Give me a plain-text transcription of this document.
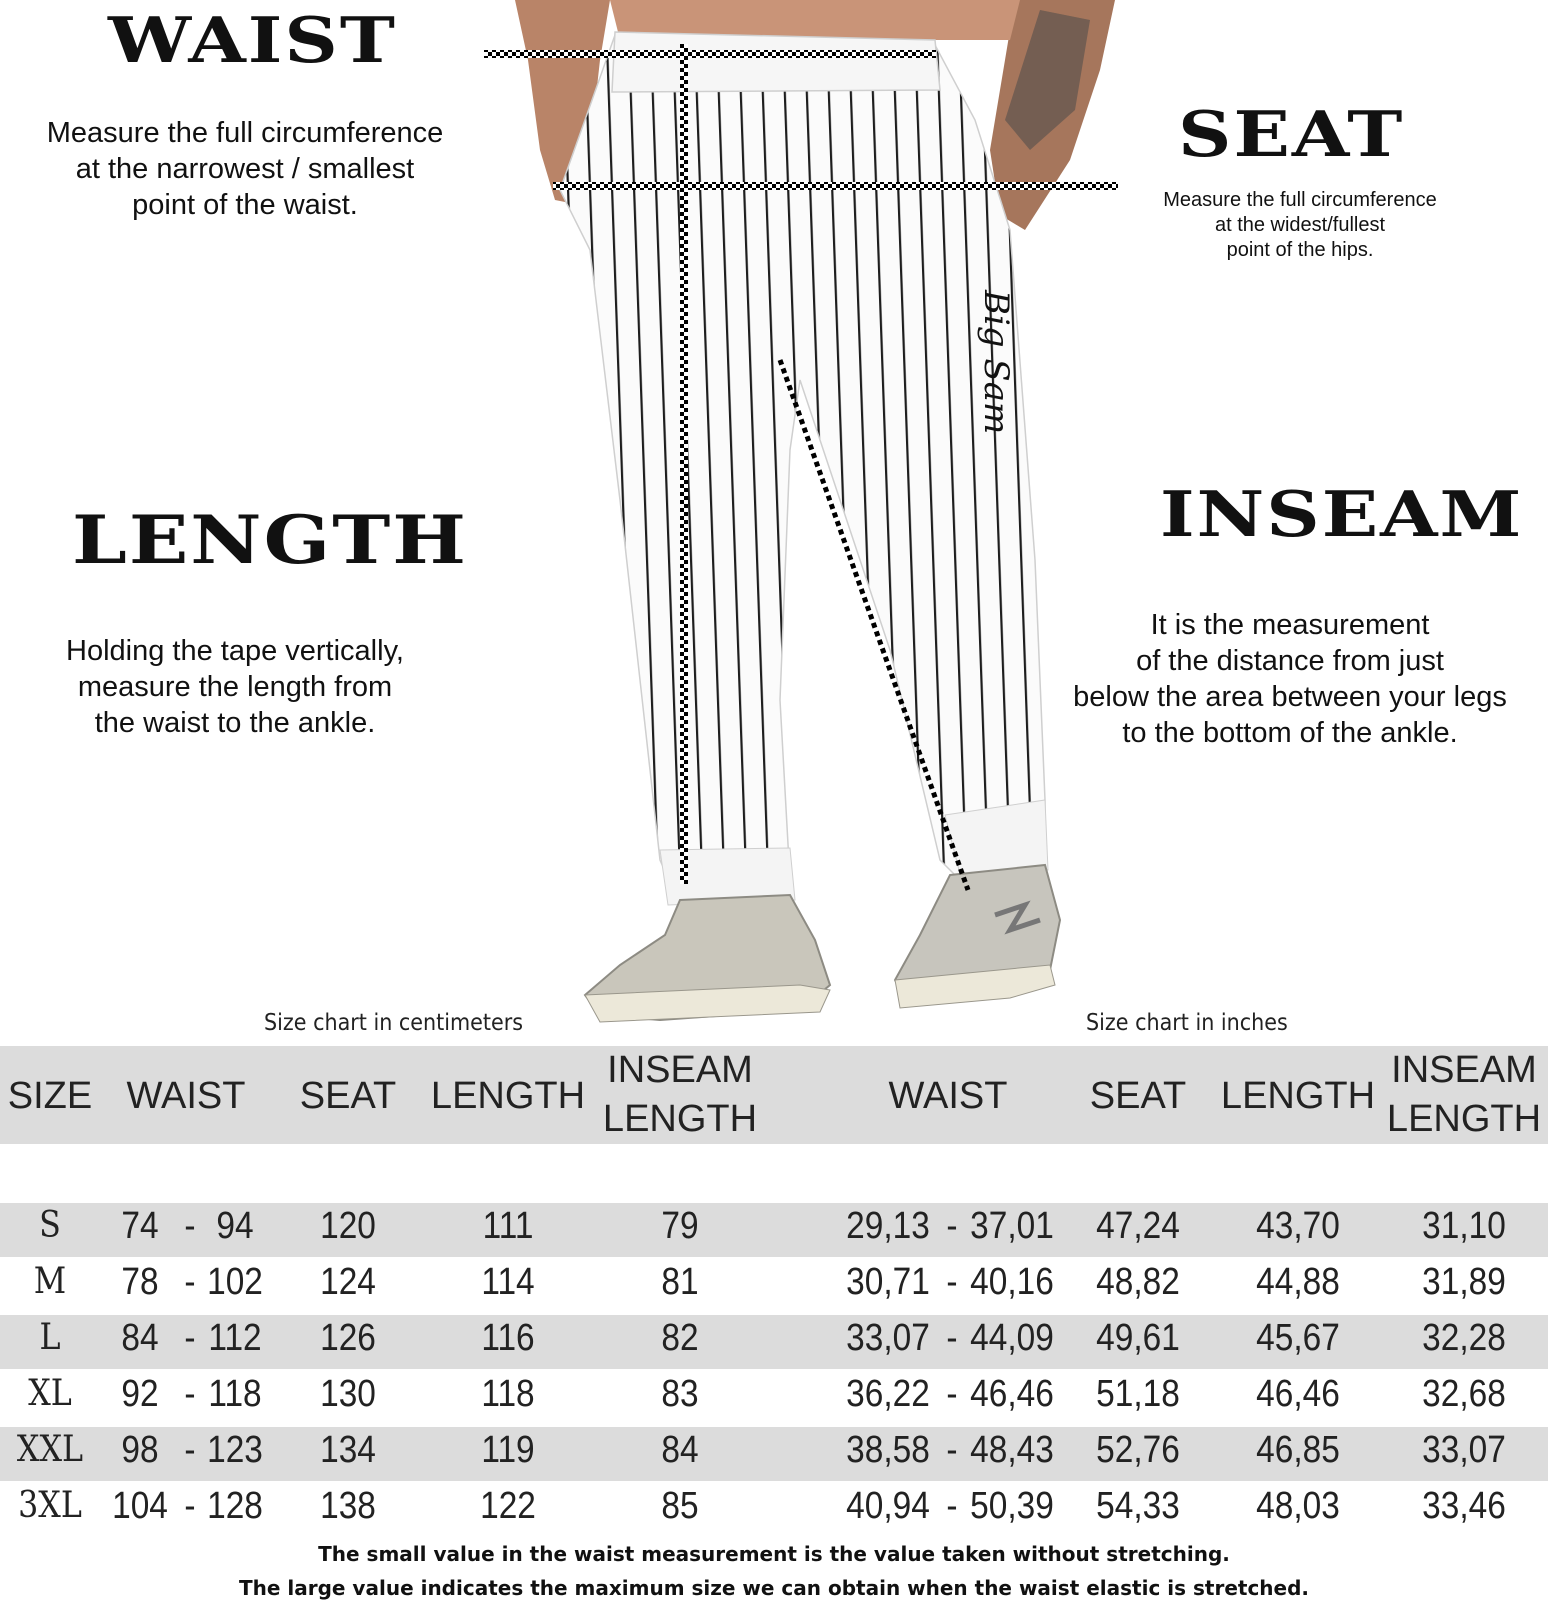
WAIST
Measure the full circumference
at the narrowest / smallest
point of the waist.
SEAT
Measure the full circumference
at the widest/fullest
point of the hips.
LENGTH
Holding the tape vertically,
measure the length from
the waist to the ankle.
INSEAM
It is the measurement
of the distance from just
below the area between your legs
to the bottom of the ankle.
Big Sam
Size chart in centimeters	Size chart in inches
SIZE WAIST SEAT LENGTH
INSEAM
LENGTH
WAIST SEAT LENGTH
INSEAM
LENGTH
S 74 - 94 120	111	79	29,13 - 37,01 47,24 43,70 31,10
M 78 - 102 124	114	81	30,71 - 40,16 48,82 44,88 31,89
L 84 - 112 126	116	82	33,07 - 44,09 49,61 45,67 32,28
XL 92 - 118 130	118	83	36,22 - 46,46 51,18 46,46 32,68
XXL 98 - 123 134	119	84	38,58 - 48,43 52,76 46,85 33,07
3XL 104 - 128 138	122	85	40,94 - 50,39 54,33 48,03 33,46
The small value in the waist measurement is the value taken without stretching.
The large value indicates the maximum size we can obtain when the waist elastic is stretched.
